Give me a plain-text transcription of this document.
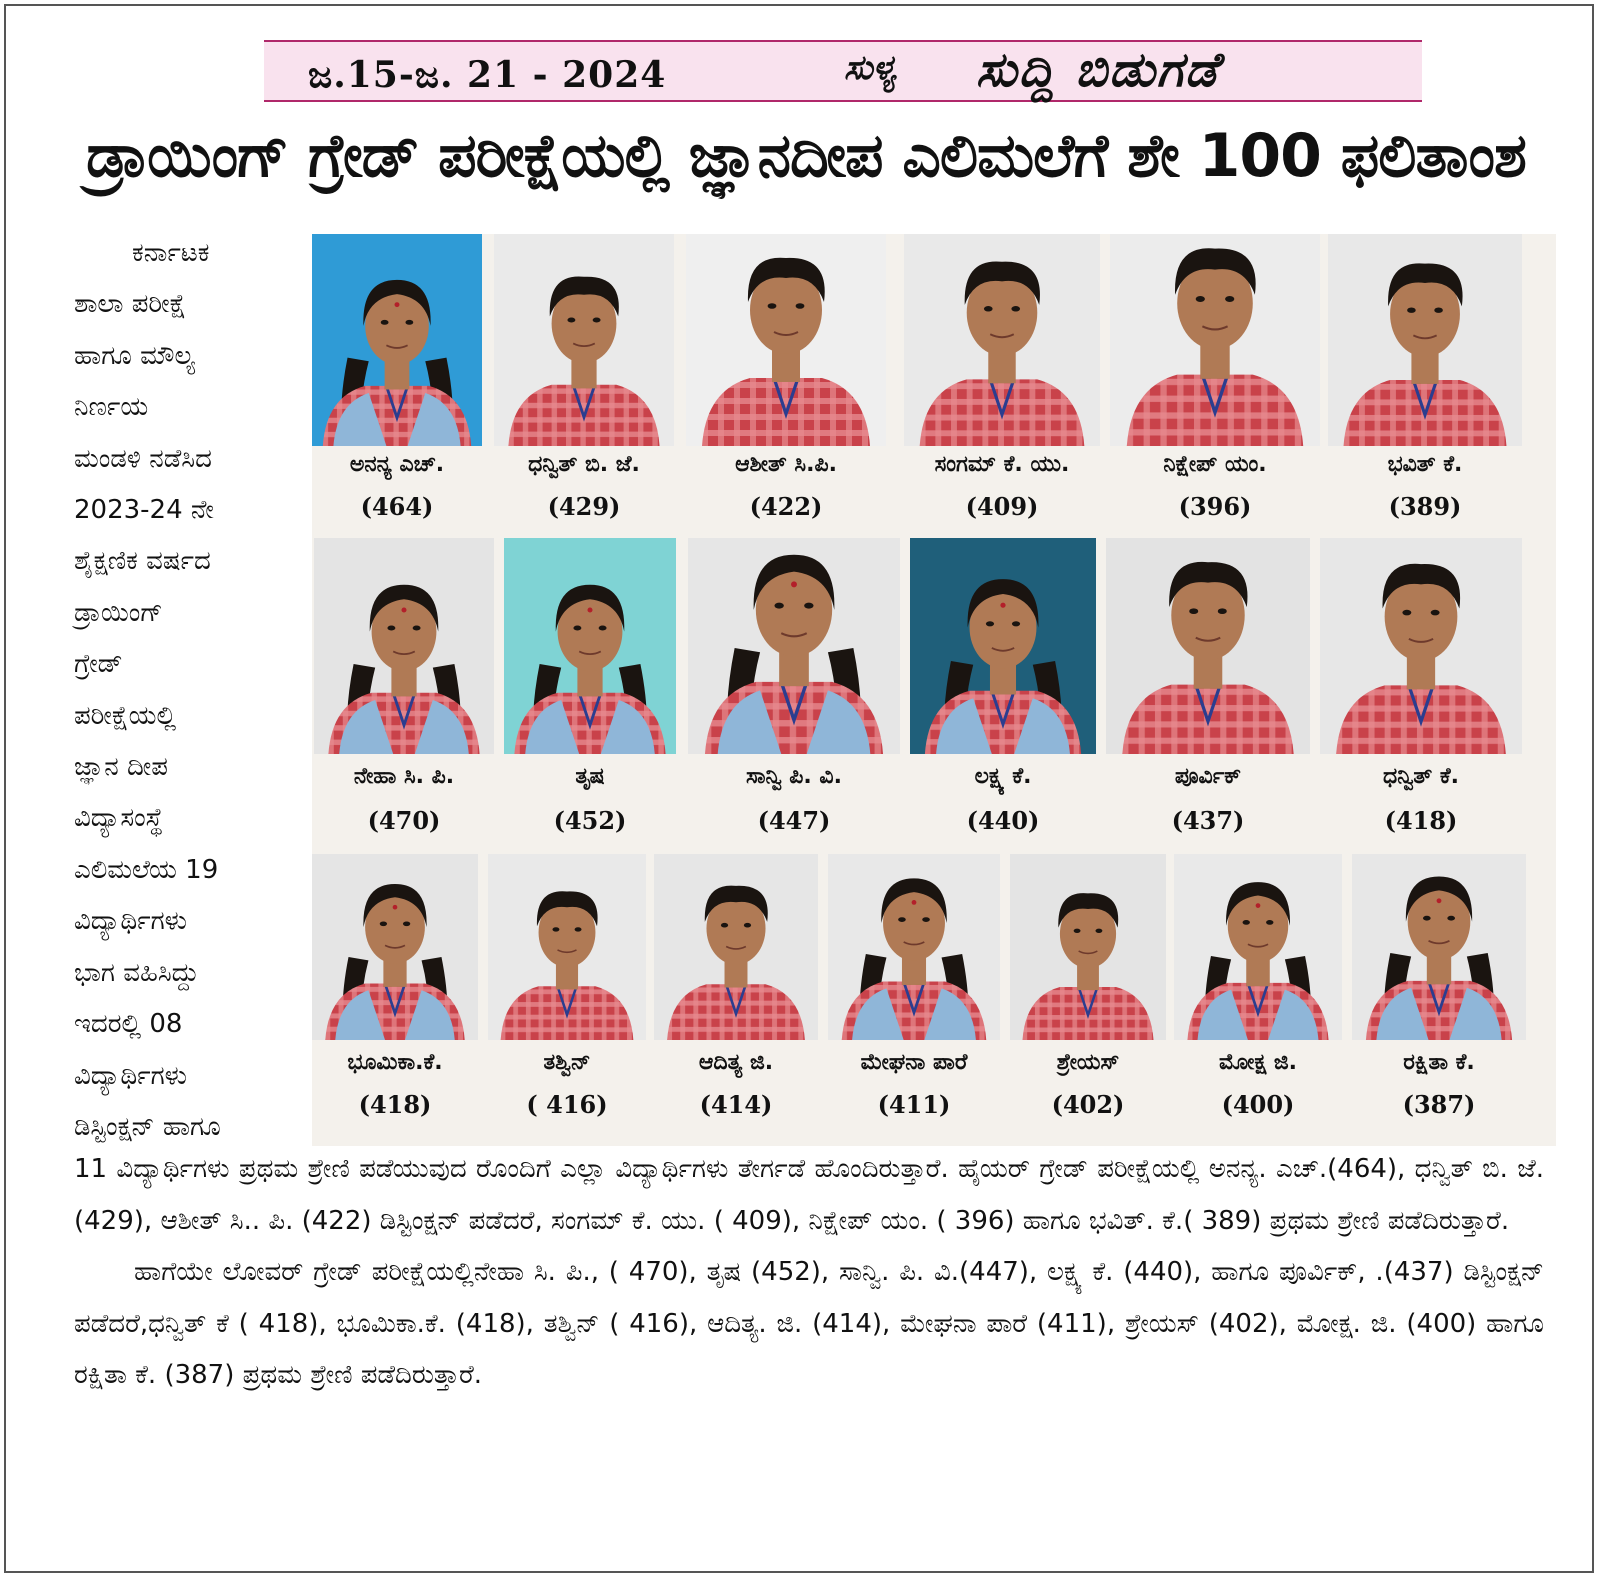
ಜ.15-ಜ. 21 - 2024	ಸುಳ್ಯ ಸುದ್ದಿ ಬಿಡುಗಡೆ
ಡ್ರಾಯಿಂಗ್ ಗ್ರೇಡ್ ಪರೀಕ್ಷೆಯಲ್ಲಿ ಜ್ಞಾನದೀಪ ಎಲಿಮಲೆಗೆ ಶೇ 100 ಫಲಿತಾಂಶ
ಕರ್ನಾಟಕ
ಶಾಲಾ ಪರೀಕ್ಷೆ
ಹಾಗೂ ಮೌಲ್ಯ
ನಿರ್ಣಯ
ಮಂಡಳಿ ನಡೆಸಿದ
2023-24 ನೇ
ಶೈಕ್ಷಣಿಕ ವರ್ಷದ
ಡ್ರಾಯಿಂಗ್
ಗ್ರೇಡ್
ಪರೀಕ್ಷೆಯಲ್ಲಿ
ಜ್ಞಾನ ದೀಪ
ವಿದ್ಯಾಸಂಸ್ಥೆ
ಎಲಿಮಲೆಯ 19
ವಿದ್ಯಾರ್ಥಿಗಳು
ಭಾಗ ವಹಿಸಿದ್ದು
ಇದರಲ್ಲಿ 08
ವಿದ್ಯಾರ್ಥಿಗಳು
ಡಿಸ್ಟಿಂಕ್ಷನ್ ಹಾಗೂ
ಅನನ್ಯ ಎಚ್.
(464)
ಧನ್ವಿತ್ ಬಿ. ಜೆ.
(429)
ಆಶೀತ್ ಸಿ.ಪಿ.
(422)
ಸಂಗಮ್ ಕೆ. ಯು.
(409)
ನಿಕ್ಷೇಪ್ ಯಂ.
(396)
ಭವಿತ್ ಕೆ.
(389)
ನೇಹಾ ಸಿ. ಪಿ.
(470)
ತೃಷ
(452)
ಸಾನ್ವಿ ಪಿ. ವಿ.
(447)
ಲಕ್ಷ್ಯ ಕೆ.
(440)
ಪೂರ್ವಿಕ್
(437)
ಧನ್ವಿತ್ ಕೆ.
(418)
ಭೂಮಿಕಾ.ಕೆ.
(418)
ತಶ್ವಿನ್
( 416)
ಆದಿತ್ಯ ಜಿ.
(414)
ಮೇಘನಾ ಪಾರೆ
(411)
ಶ್ರೇಯಸ್
(402)
ಮೋಕ್ಷ ಜಿ.
(400)
ರಕ್ಷಿತಾ ಕೆ.
(387)

11 ವಿದ್ಯಾರ್ಥಿಗಳು ಪ್ರಥಮ ಶ್ರೇಣಿ ಪಡೆಯುವುದ ರೊಂದಿಗೆ ಎಲ್ಲಾ ವಿದ್ಯಾರ್ಥಿಗಳು ತೇರ್ಗಡೆ ಹೊಂದಿರುತ್ತಾರೆ. ಹೈಯರ್ ಗ್ರೇಡ್ ಪರೀಕ್ಷೆಯಲ್ಲಿ ಅನನ್ಯ. ಎಚ್.(464), ಧನ್ವಿತ್ ಬಿ. ಜೆ. (429), ಆಶೀತ್ ಸಿ.. ಪಿ. (422) ಡಿಸ್ಟಿಂಕ್ಷನ್ ಪಡೆದರೆ, ಸಂಗಮ್ ಕೆ. ಯು. ( 409), ನಿಕ್ಷೇಪ್ ಯಂ. ( 396) ಹಾಗೂ ಭವಿತ್. ಕೆ.( 389) ಪ್ರಥಮ ಶ್ರೇಣಿ ಪಡೆದಿರುತ್ತಾರೆ.

ಹಾಗೆಯೇ ಲೋವರ್ ಗ್ರೇಡ್ ಪರೀಕ್ಷೆಯಲ್ಲಿನೇಹಾ ಸಿ. ಪಿ., ( 470), ತೃಷ (452), ಸಾನ್ವಿ. ಪಿ. ವಿ.(447), ಲಕ್ಷ್ಯ ಕೆ. (440), ಹಾಗೂ ಪೂರ್ವಿಕ್, .(437) ಡಿಸ್ಟಿಂಕ್ಷನ್ ಪಡೆದರೆ,ಧನ್ವಿತ್ ಕೆ ( 418), ಭೂಮಿಕಾ.ಕೆ. (418), ತಶ್ವಿನ್ ( 416), ಆದಿತ್ಯ. ಜಿ. (414), ಮೇಘನಾ ಪಾರೆ (411), ಶ್ರೇಯಸ್ (402), ಮೋಕ್ಷ. ಜಿ. (400) ಹಾಗೂ ರಕ್ಷಿತಾ ಕೆ. (387) ಪ್ರಥಮ ಶ್ರೇಣಿ ಪಡೆದಿರುತ್ತಾರೆ.
